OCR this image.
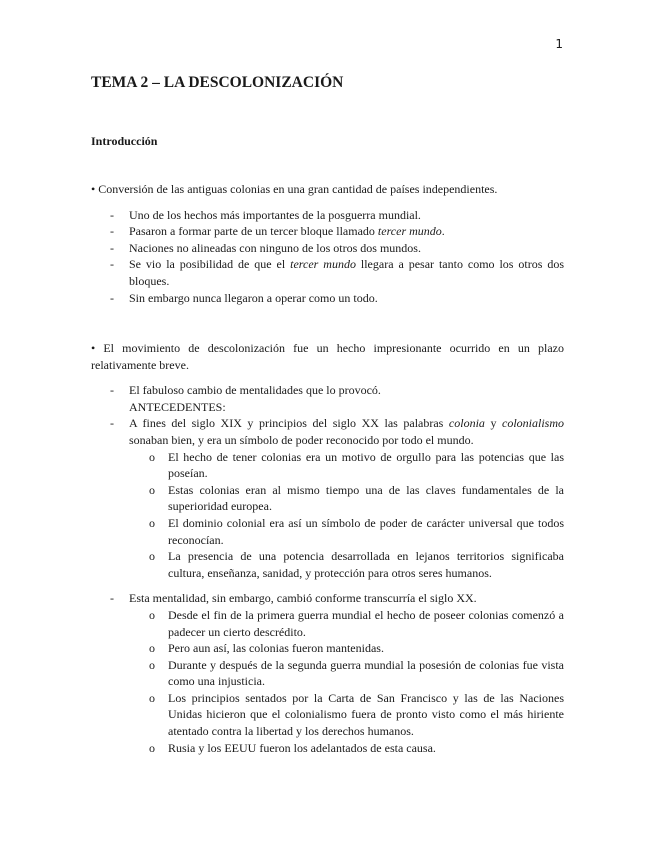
1
TEMA 2 – LA DESCOLONIZACIÓN
Introducción

• Conversión de las antiguas colonias en una gran cantidad de países independientes.

- Uno de los hechos más importantes de la posguerra mundial.
- Pasaron a formar parte de un tercer bloque llamado tercer mundo.
- Naciones no alineadas con ninguno de los otros dos mundos.
- Se vio la posibilidad de que el tercer mundo llegara a pesar tanto como los otros dos bloques.
- Sin embargo nunca llegaron a operar como un todo.

• El movimiento de descolonización fue un hecho impresionante ocurrido en un plazo relativamente breve.

- El fabuloso cambio de mentalidades que lo provocó.
ANTECEDENTES:
- A fines del siglo XIX y principios del siglo XX las palabras colonia y colonialismo sonaban bien, y era un símbolo de poder reconocido por todo el mundo.
o El hecho de tener colonias era un motivo de orgullo para las potencias que las poseían.
o Estas colonias eran al mismo tiempo una de las claves fundamentales de la superioridad europea.
o El dominio colonial era así un símbolo de poder de carácter universal que todos reconocían.
o La presencia de una potencia desarrollada en lejanos territorios significaba cultura, enseñanza, sanidad, y protección para otros seres humanos.
- Esta mentalidad, sin embargo, cambió conforme transcurría el siglo XX.
o Desde el fin de la primera guerra mundial el hecho de poseer colonias comenzó a padecer un cierto descrédito.
o Pero aun así, las colonias fueron mantenidas.
o Durante y después de la segunda guerra mundial la posesión de colonias fue vista como una injusticia.
o Los principios sentados por la Carta de San Francisco y las de las Naciones Unidas hicieron que el colonialismo fuera de pronto visto como el más hiriente atentado contra la libertad y los derechos humanos.
o Rusia y los EEUU fueron los adelantados de esta causa.
